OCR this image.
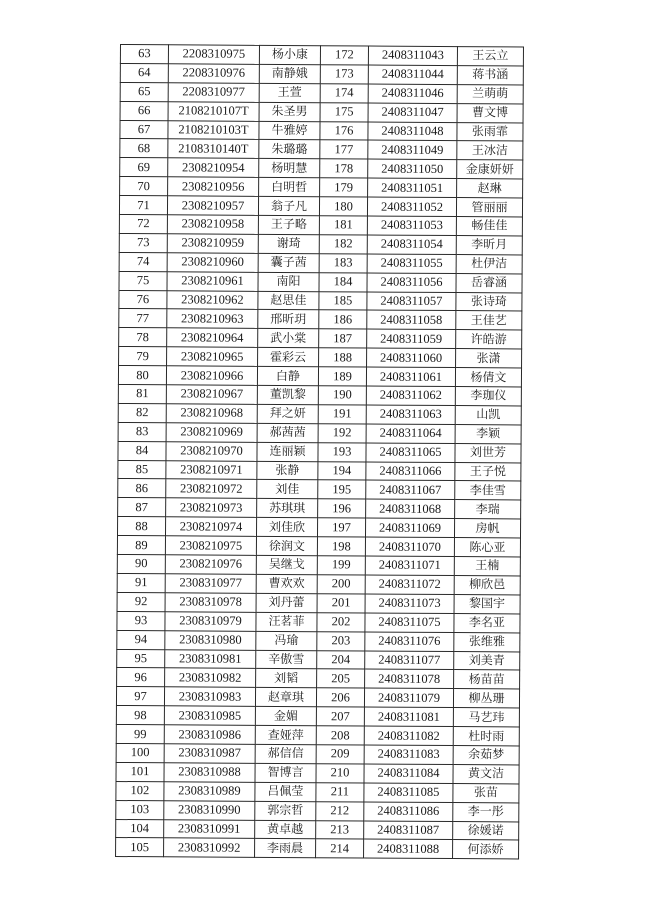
63	2208310975	杨小康	172	2408311043	王云立
64	2208310976	南静娥	173	2408311044	蒋书涵
65	2208310977	王萱	174	2408311046	兰萌萌
66	2108210107T	朱圣男	175	2408311047	曹文博
67	2108210103T	牛雅婷	176	2408311048	张雨霏
68	2108310140T	朱璐璐	177	2408311049	王冰洁
69	2308210954	杨明慧	178	2408311050	金康妍妍
70	2308210956	白明哲	179	2408311051	赵琳
71	2308210957	翁子凡	180	2408311052	管丽丽
72	2308210958	王子略	181	2408311053	畅佳佳
73	2308210959	谢琦	182	2408311054	李昕月
74	2308210960	囊子茜	183	2408311055	杜伊洁
75	2308210961	南阳	184	2408311056	岳睿涵
76	2308210962	赵思佳	185	2408311057	张诗琦
77	2308210963	邢昕玥	186	2408311058	王佳艺
78	2308210964	武小棠	187	2408311059	许皓游
79	2308210965	霍彩云	188	2408311060	张潇
80	2308210966	白静	189	2408311061	杨倩文
81	2308210967	董凯黎	190	2408311062	李珈仪
82	2308210968	拜之妍	191	2408311063	山凯
83	2308210969	郝茜茜	192	2408311064	李颖
84	2308210970	连丽颖	193	2408311065	刘世芳
85	2308210971	张静	194	2408311066	王子悦
86	2308210972	刘佳	195	2408311067	李佳雪
87	2308210973	苏琪琪	196	2408311068	李瑞
88	2308210974	刘佳欣	197	2408311069	房帆
89	2308210975	徐润文	198	2408311070	陈心亚
90	2308210976	吴继戈	199	2408311071	王楠
91	2308310977	曹欢欢	200	2408311072	柳欣邑
92	2308310978	刘丹蕾	201	2408311073	黎国宇
93	2308310979	汪茗菲	202	2408311075	李名亚
94	2308310980	冯瑜	203	2408311076	张维雅
95	2308310981	辛傲雪	204	2408311077	刘美青
96	2308310982	刘韬	205	2408311078	杨苗苗
97	2308310983	赵章琪	206	2408311079	柳丛珊
98	2308310985	金媚	207	2408311081	马艺玮
99	2308310986	查娅萍	208	2408311082	杜时雨
100	2308310987	郝信信	209	2408311083	余茹梦
101	2308310988	智博言	210	2408311084	黄文洁
102	2308310989	吕佩莹	211	2408311085	张苗
103	2308310990	郭宗哲	212	2408311086	李一彤
104	2308310991	黄卓越	213	2408311087	徐媛诺
105	2308310992	李雨晨	214	2408311088	何添娇
